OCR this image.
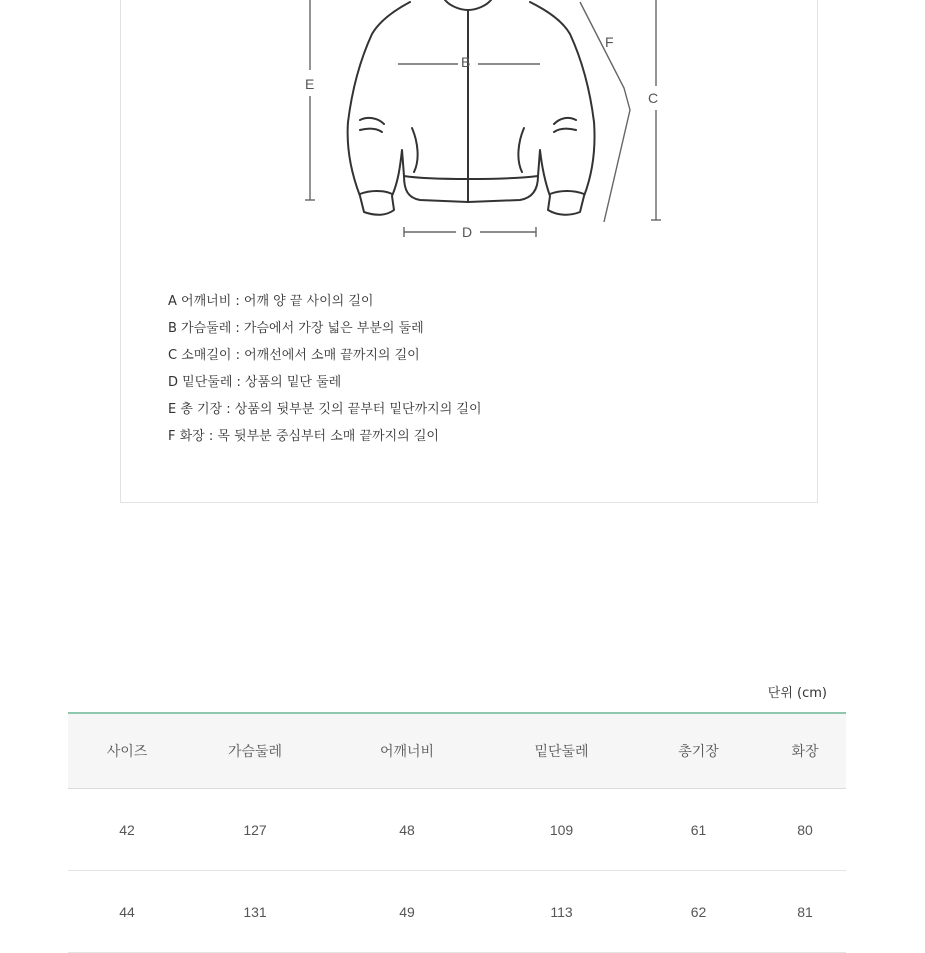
B
E
F
C
D
A 어깨너비 : 어깨 양 끝 사이의 길이
B 가슴둘레 : 가슴에서 가장 넓은 부분의 둘레
C 소매길이 : 어깨선에서 소매 끝까지의 길이
D 밑단둘레 : 상품의 밑단 둘레
E 총 기장 : 상품의 뒷부분 깃의 끝부터 밑단까지의 길이
F 화장 : 목 뒷부분 중심부터 소매 끝까지의 길이
단위 (cm)
사이즈	가슴둘레	어깨너비	밑단둘레	총기장	화장
42	127	48	109	61	80
44	131	49	113	62	81
